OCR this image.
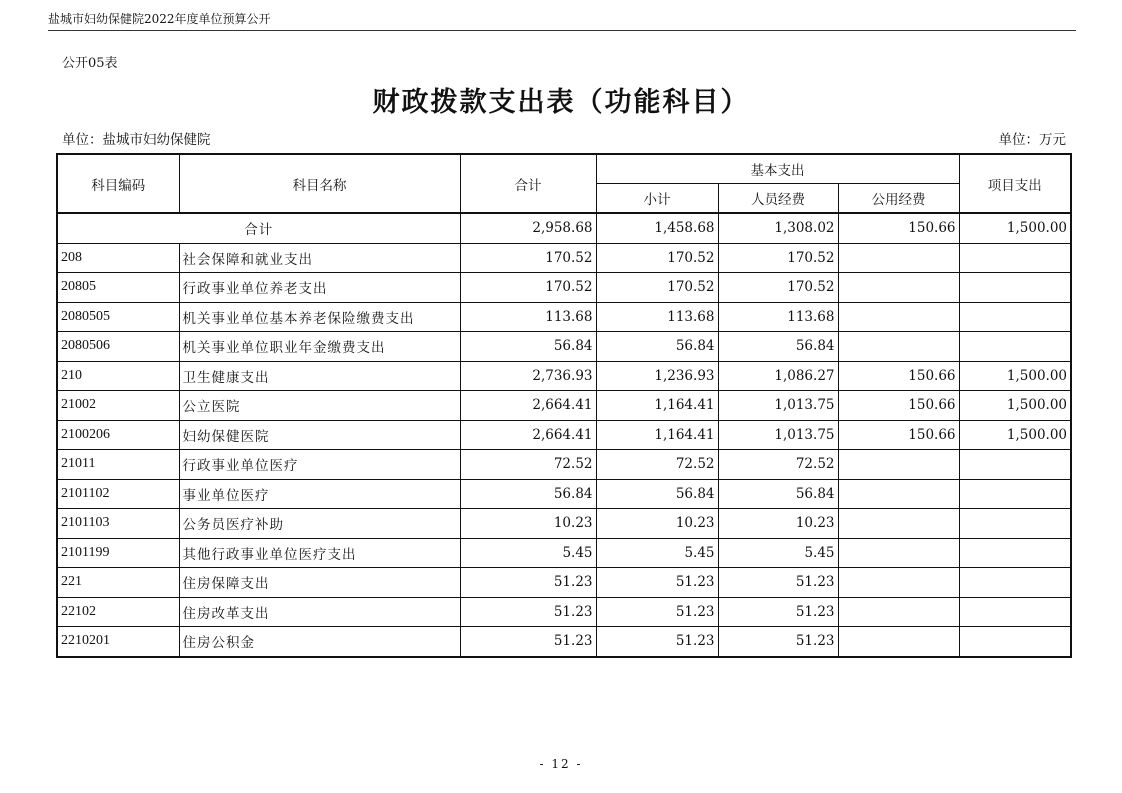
盐城市妇幼保健院2022年度单位预算公开
公开05表
财政拨款支出表（功能科目）
单位：盐城市妇幼保健院	单位：万元
科目编码	科目名称	合计	基本支出			项目支出
			小计	人员经费	公用经费	
合计		2,958.68	1,458.68	1,308.02	150.66	1,500.00
208	社会保障和就业支出	170.52	170.52	170.52		
20805	行政事业单位养老支出	170.52	170.52	170.52		
2080505	机关事业单位基本养老保险缴费支出	113.68	113.68	113.68		
2080506	机关事业单位职业年金缴费支出	56.84	56.84	56.84		
210	卫生健康支出	2,736.93	1,236.93	1,086.27	150.66	1,500.00
21002	公立医院	2,664.41	1,164.41	1,013.75	150.66	1,500.00
2100206	妇幼保健医院	2,664.41	1,164.41	1,013.75	150.66	1,500.00
21011	行政事业单位医疗	72.52	72.52	72.52		
2101102	事业单位医疗	56.84	56.84	56.84		
2101103	公务员医疗补助	10.23	10.23	10.23		
2101199	其他行政事业单位医疗支出	5.45	5.45	5.45		
221	住房保障支出	51.23	51.23	51.23		
22102	住房改革支出	51.23	51.23	51.23		
2210201	住房公积金	51.23	51.23	51.23		
- 12 -
